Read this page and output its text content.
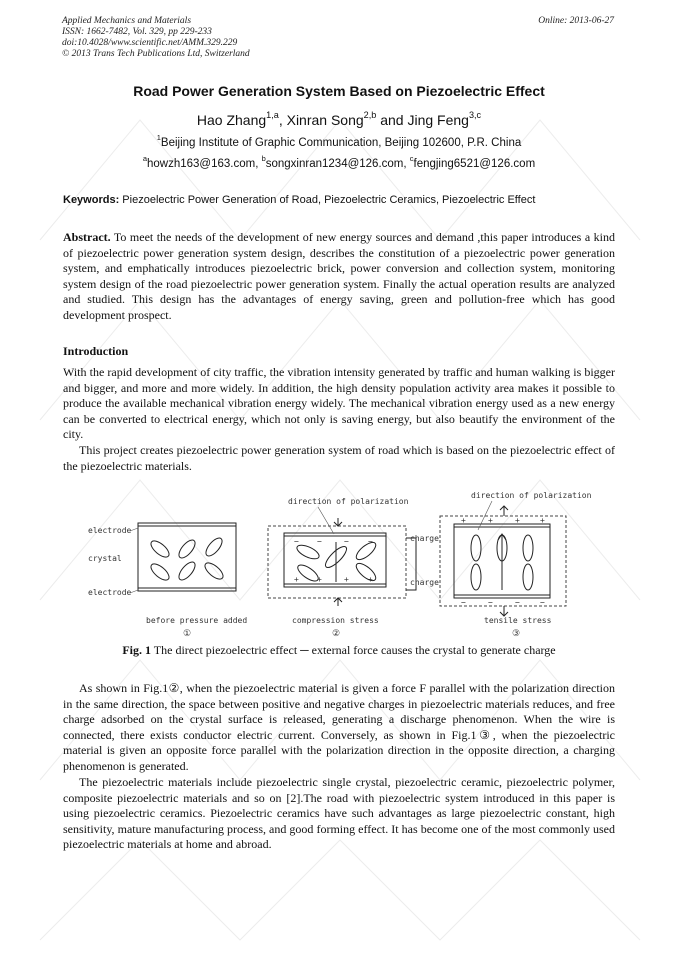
Applied Mechanics and Materials
ISSN: 1662-7482, Vol. 329, pp 229-233
doi:10.4028/www.scientific.net/AMM.329.229
© 2013 Trans Tech Publications Ltd, Switzerland
Online: 2013-06-27
Road Power Generation System Based on Piezoelectric Effect
Hao Zhang$^{1,a}$, Xinran Song$^{2,b}$ and Jing Feng$^{3,c}$
$^1$Beijing Institute of Graphic Communication, Beijing 102600, P.R. China
$^a$howzh163@163.com, $^b$songxinran1234@126.com, $^c$fengjing6521@126.com
Keywords: Piezoelectric Power Generation of Road, Piezoelectric Ceramics, Piezoelectric Effect

Abstract. To meet the needs of the development of new energy sources and demand ,this paper introduces a kind of piezoelectric power generation system design, describes the constitution of a piezoelectric power generation system, and emphatically introduces piezoelectric brick, power conversion and collection system, monitoring system design of the road piezoelectric power generation system. Finally the actual operation results are analyzed and studied. This design has the advantages of energy saving, green and pollution-free which has good development prospect.

Introduction

With the rapid development of city traffic, the vibration intensity generated by traffic and human walking is bigger and bigger, and more and more widely. In addition, the high density population activity area makes it possible to produce the available mechanical vibration energy widely. The mechanical vibration energy used as a new energy can be converted to electrical energy, which not only is saving energy, but also beautify the environment of the city.

This project creates piezoelectric power generation system of road which is based on the piezoelectric effect of the piezoelectric materials.

electrode
crystal
electrode
before pressure added
①
− −	− −
+ +	+ +
direction of polarization
charge
charge
compression stress
②
+	+	+	+
−	−	−	−
direction of polarization
tensile stress
③
Fig. 1 The direct piezoelectric effect ─ external force causes the crystal to generate charge

As shown in Fig.1②, when the piezoelectric material is given a force F parallel with the polarization direction in the same direction, the space between positive and negative charges in piezoelectric materials reduces, and free charge adsorbed on the crystal surface is released, generating a discharge phenomenon. When the wire is connected, there exists conductor electric current. Conversely, as shown in Fig.1③, when the piezoelectric material is given an opposite force parallel with the polarization direction in the opposite direction, a charging phenomenon is generated.

The piezoelectric materials include piezoelectric single crystal, piezoelectric ceramic, piezoelectric polymer, composite piezoelectric materials and so on [2].The road with piezoelectric system introduced in this paper is using piezoelectric ceramics. Piezoelectric ceramics have such advantages as large piezoelectric constant, high sensitivity, mature manufacturing process, and good forming effect. It has become one of the most commonly used piezoelectric materials at home and abroad.
